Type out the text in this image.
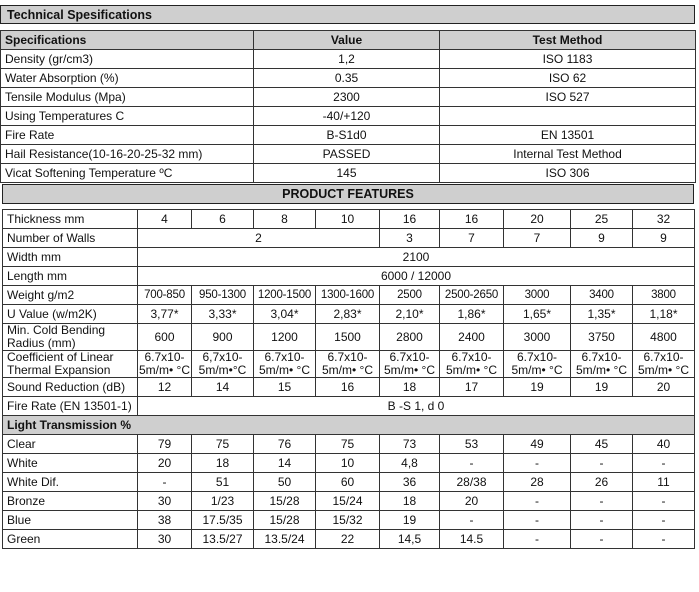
Technical Spesifications
Specifications	Value	Test Method
Density (gr/cm3)	1,2	ISO 1183
Water Absorption (%)	0.35	ISO 62
Tensile Modulus (Mpa)	2300	ISO 527
Using Temperatures C	-40/+120	
Fire Rate	B-S1d0	EN 13501
Hail Resistance(10-16-20-25-32 mm)	PASSED	Internal Test Method
Vicat Softening Temperature ºC	145	ISO 306
PRODUCT FEATURES
Thickness mm	4	6	8	10	16	16	20	25	32
Number of Walls	2				3	7	7	9	9
Width mm	2100								
Length mm	6000 / 12000								
Weight g/m2	700-850	950-1300	1200-1500	1300-1600	2500	2500-2650	3000	3400	3800
U Value (w/m2K)	3,77*	3,33*	3,04*	2,83*	2,10*	1,86*	1,65*	1,35*	1,18*
Min. Cold Bending Radius (mm)	600	900	1200	1500	2800	2400	3000	3750	4800
Coefficient of Linear Thermal Expansion	6.7x10-5m/m• °C	6,7x10-5m/m•°C	6.7x10-5m/m• °C	6.7x10-5m/m• °C	6.7x10-5m/m• °C	6.7x10-5m/m• °C	6.7x10-5m/m• °C	6.7x10-5m/m• °C	6.7x10-5m/m• °C
Sound Reduction (dB)	12	14	15	16	18	17	19	19	20
Fire Rate (EN 13501-1)	B -S 1, d 0								
Light Transmission %									
Clear	79	75	76	75	73	53	49	45	40
White	20	18	14	10	4,8	-	-	-	-
White Dif.	-	51	50	60	36	28/38	28	26	11
Bronze	30	1/23	15/28	15/24	18	20	-	-	-
Blue	38	17.5/35	15/28	15/32	19	-	-	-	-
Green	30	13.5/27	13.5/24	22	14,5	14.5	-	-	-
